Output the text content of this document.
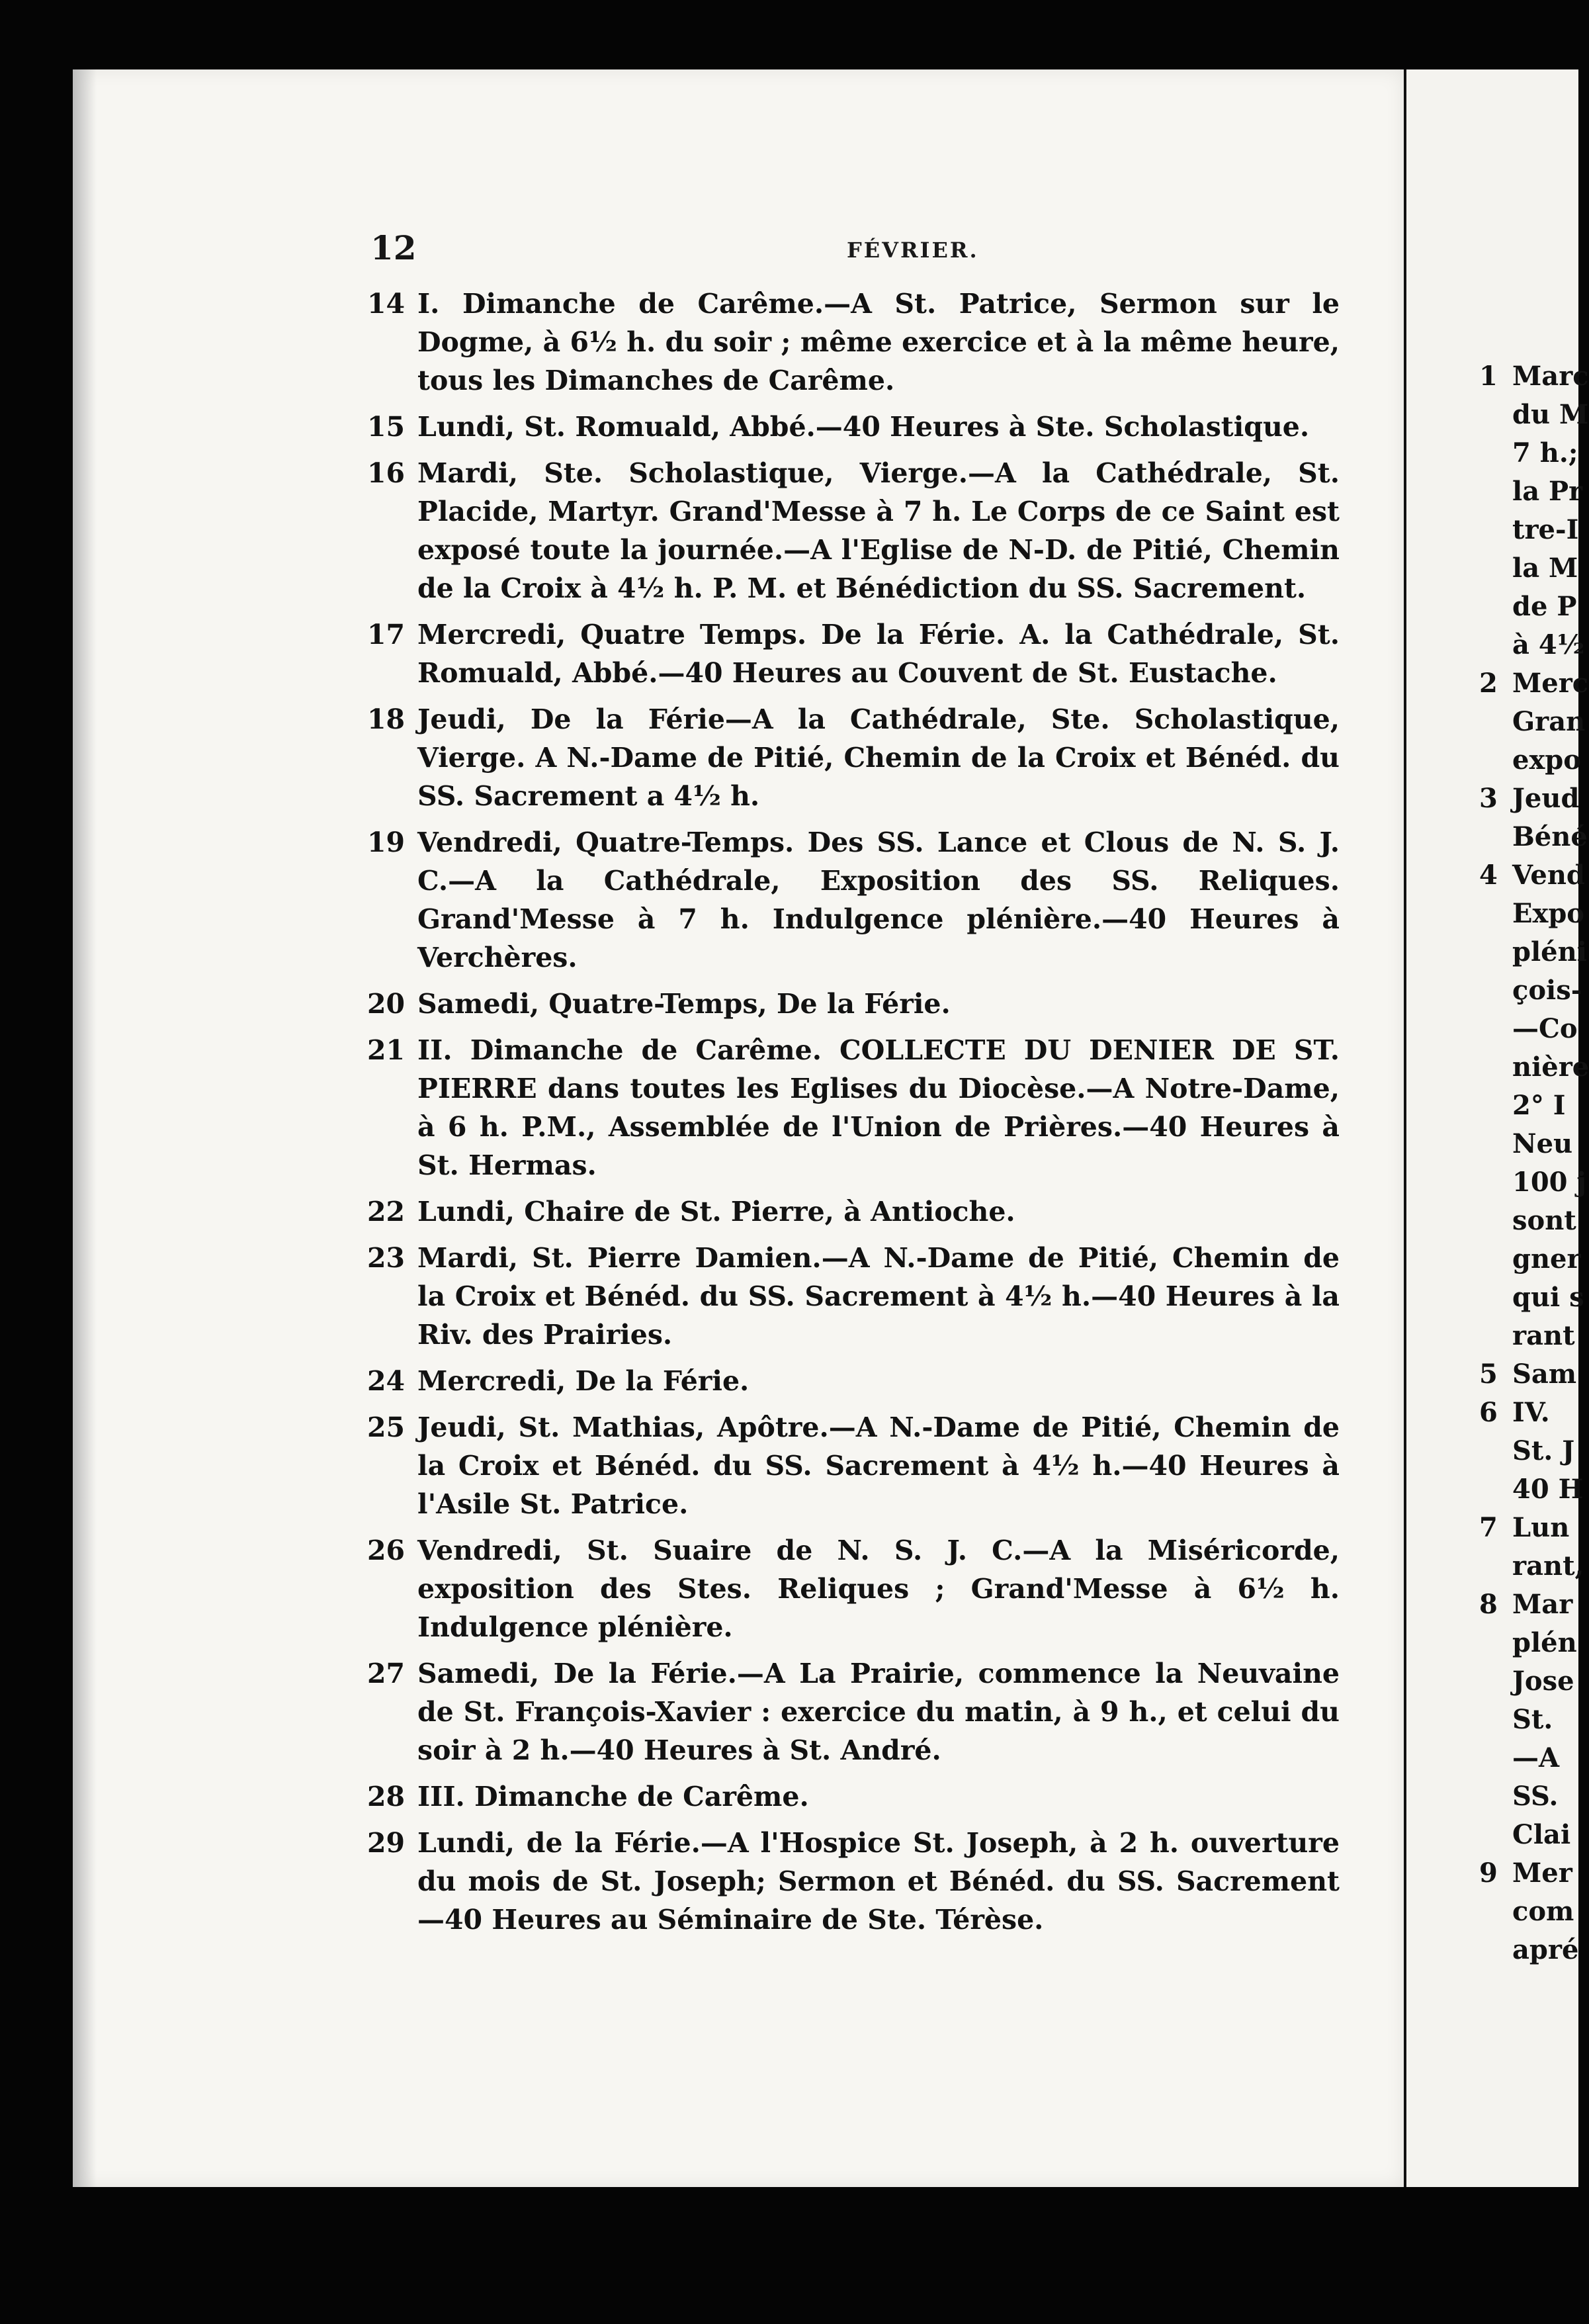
12	FÉVRIER.
14 I. Dimanche de Carême.—A St. Patrice, Sermon sur le Dogme, à 6½ h. du soir ; même exercice et à la même heure, tous les Dimanches de Carême.
15 Lundi, St. Romuald, Abbé.—40 Heures à Ste. Scholastique.
16 Mardi, Ste. Scholastique, Vierge.—A la Cathédrale, St. Placide, Martyr. Grand'Messe à 7 h. Le Corps de ce Saint est exposé toute la journée.—A l'Eglise de N-D. de Pitié, Chemin de la Croix à 4½ h. P. M. et Bénédiction du SS. Sacrement.
17 Mercredi, Quatre Temps. De la Férie. A. la Cathédrale, St. Romuald, Abbé.—40 Heures au Couvent de St. Eustache.
18 Jeudi, De la Férie—A la Cathédrale, Ste. Scholastique, Vierge. A N.-Dame de Pitié, Chemin de la Croix et Bénéd. du SS. Sacrement a 4½ h.
19 Vendredi, Quatre-Temps. Des SS. Lance et Clous de N. S. J. C.—A la Cathédrale, Exposition des SS. Reliques. Grand'Messe à 7 h. Indulgence plénière.—40 Heures à Verchères.
20 Samedi, Quatre-Temps, De la Férie.
21 II. Dimanche de Carême. COLLECTE DU DENIER DE ST. PIERRE dans toutes les Eglises du Diocèse.—A Notre-Dame, à 6 h. P.M., Assemblée de l'Union de Prières.—40 Heures à St. Hermas.
22 Lundi, Chaire de St. Pierre, à Antioche.
23 Mardi, St. Pierre Damien.—A N.-Dame de Pitié, Chemin de la Croix et Bénéd. du SS. Sacrement à 4½ h.—40 Heures à la Riv. des Prairies.
24 Mercredi, De la Férie.
25 Jeudi, St. Mathias, Apôtre.—A N.-Dame de Pitié, Chemin de la Croix et Bénéd. du SS. Sacrement à 4½ h.—40 Heures à l'Asile St. Patrice.
26 Vendredi, St. Suaire de N. S. J. C.—A la Miséricorde, exposition des Stes. Reliques ; Grand'Messe à 6½ h. Indulgence plénière.
27 Samedi, De la Férie.—A La Prairie, commence la Neuvaine de St. François-Xavier : exercice du matin, à 9 h., et celui du soir à 2 h.—40 Heures à St. André.
28 III. Dimanche de Carême.
29 Lundi, de la Férie.—A l'Hospice St. Joseph, à 2 h. ouverture du mois de St. Joseph; Sermon et Bénéd. du SS. Sacrement—40 Heures au Séminaire de Ste. Térèse.
1 Marc
du M
7 h.;
la Pr
tre-I
la M
de P
à 4½
2 Merc
Gran
expo
3 Jeud
Béné
4 Vend
Expo
pléni
çois-
—Co
nière
2° I
Neu
100 j
sont
gner
qui s
rant
5 Sam
6 IV.
St. J
40 H
7 Lun
rant,
8 Mar
plén
Jose
St.
—A
SS.
Clai
9 Mer
com
apré
